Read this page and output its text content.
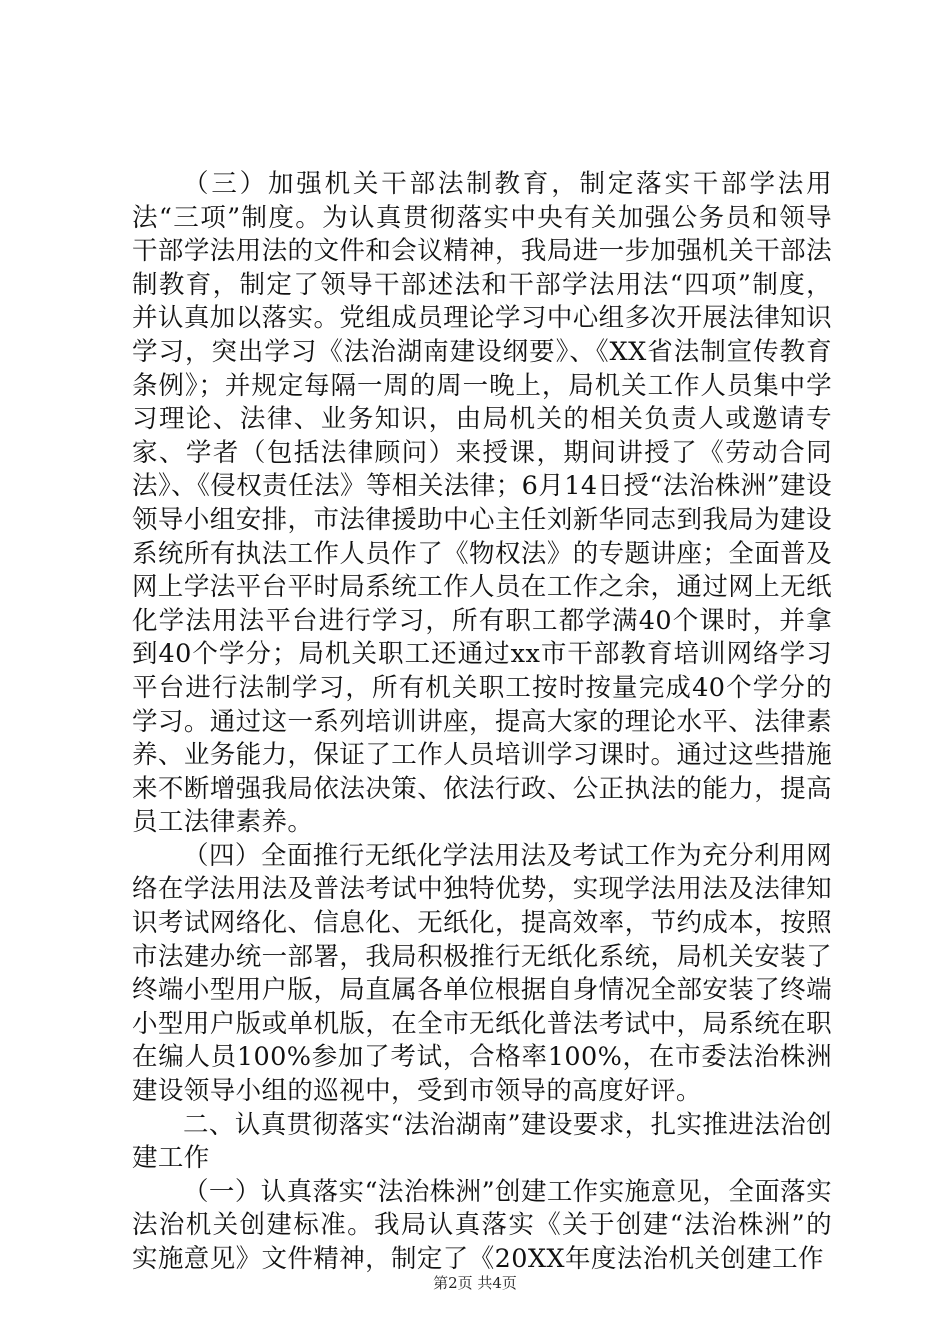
（三）加强机关干部法制教育，制定落实干部学法用法“三项”制度。为认真贯彻落实中央有关加强公务员和领导干部学法用法的文件和会议精神，我局进一步加强机关干部法制教育，制定了领导干部述法和干部学法用法“四项”制度，并认真加以落实。党组成员理论学习中心组多次开展法律知识学习，突出学习《法治湖南建设纲要》、《XX省法制宣传教育条例》；并规定每隔一周的周一晚上，局机关工作人员集中学习理论、法律、业务知识，由局机关的相关负责人或邀请专家、学者（包括法律顾问）来授课，期间讲授了《劳动合同法》、《侵权责任法》等相关法律；6月14日授“法治株洲”建设领导小组安排，市法律援助中心主任刘新华同志到我局为建设系统所有执法工作人员作了《物权法》的专题讲座；全面普及网上学法平台平时局系统工作人员在工作之余，通过网上无纸化学法用法平台进行学习，所有职工都学满40个课时，并拿到40个学分；局机关职工还通过xx市干部教育培训网络学习平台进行法制学习，所有机关职工按时按量完成40个学分的学习。通过这一系列培训讲座，提高大家的理论水平、法律素养、业务能力，保证了工作人员培训学习课时。通过这些措施来不断增强我局依法决策、依法行政、公正执法的能力，提高员工法律素养。

（四）全面推行无纸化学法用法及考试工作为充分利用网络在学法用法及普法考试中独特优势，实现学法用法及法律知识考试网络化、信息化、无纸化，提高效率，节约成本，按照市法建办统一部署，我局积极推行无纸化系统，局机关安装了终端小型用户版，局直属各单位根据自身情况全部安装了终端小型用户版或单机版，在全市无纸化普法考试中，局系统在职在编人员100%参加了考试，合格率100%，在市委法治株洲建设领导小组的巡视中，受到市领导的高度好评。

二、认真贯彻落实“法治湖南”建设要求，扎实推进法治创建工作

（一）认真落实“法治株洲”创建工作实施意见，全面落实法治机关创建标准。我局认真落实《关于创建“法治株洲”的实施意见》文件精神，制定了《20XX年度法治机关创建工作

第2页 共4页
